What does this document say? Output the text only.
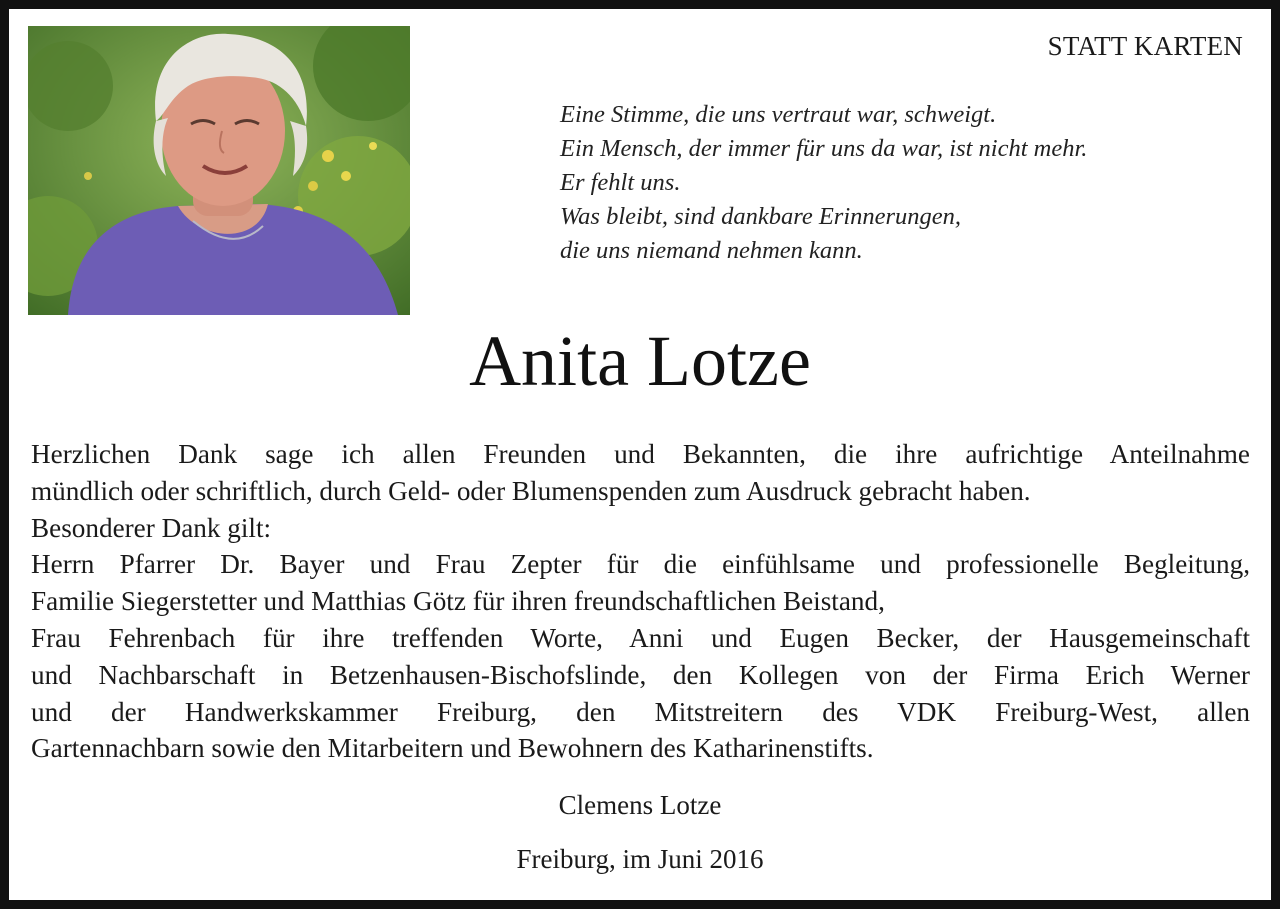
STATT KARTEN
Eine Stimme, die uns vertraut war, schweigt.
Ein Mensch, der immer für uns da war, ist nicht mehr.
Er fehlt uns.
Was bleibt, sind dankbare Erinnerungen,
die uns niemand nehmen kann.
Anita Lotze

Herzlichen Dank sage ich allen Freunden und Bekannten, die ihre aufrichtige Anteilnahme

mündlich oder schriftlich, durch Geld- oder Blumenspenden zum Ausdruck gebracht haben.

Besonderer Dank gilt:

Herrn Pfarrer Dr. Bayer und Frau Zepter für die einfühlsame und professionelle Begleitung,

Familie Siegerstetter und Matthias Götz für ihren freundschaftlichen Beistand,

Frau Fehrenbach für ihre treffenden Worte, Anni und Eugen Becker, der Hausgemeinschaft

und Nachbarschaft in Betzenhausen-Bischofslinde, den Kollegen von der Firma Erich Werner

und der Handwerkskammer Freiburg, den Mitstreitern des VDK Freiburg-West, allen

Gartennachbarn sowie den Mitarbeitern und Bewohnern des Katharinenstifts.

Clemens Lotze
Freiburg, im Juni 2016
